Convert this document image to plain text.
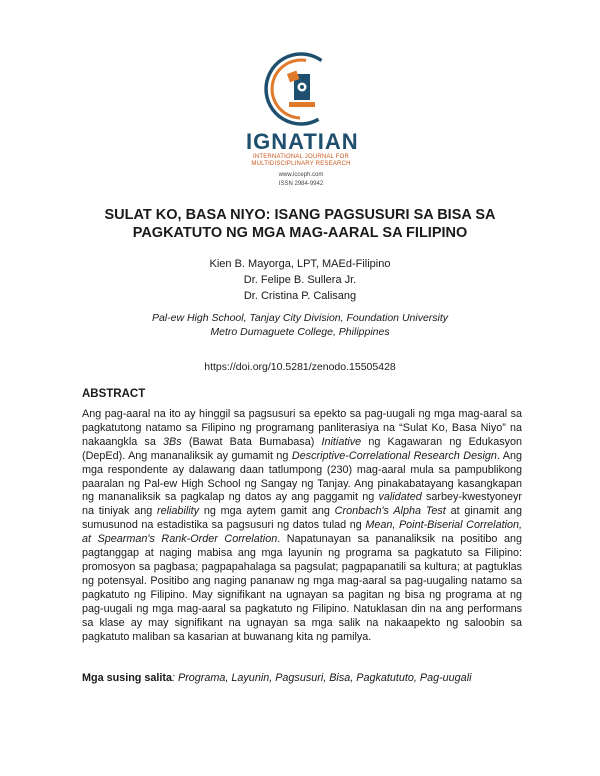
IGNATIAN
INTERNATIONAL JOURNAL FOR
MULTIDISCIPLINARY RESEARCH
www.icceph.com
ISSN 2984-9942
SULAT KO, BASA NIYO: ISANG PAGSUSURI SA BISA SA
PAGKATUTO NG MGA MAG-AARAL SA FILIPINO
Kien B. Mayorga, LPT, MAEd-Filipino
Dr. Felipe B. Sullera Jr.
Dr. Cristina P. Calisang
Pal-ew High School, Tanjay City Division, Foundation University
Metro Dumaguete College, Philippines
https://doi.org/10.5281/zenodo.15505428
ABSTRACT

Ang pag-aaral na ito ay hinggil sa pagsusuri sa epekto sa pag-uugali ng mga mag-aaral sa pagkatutong natamo sa Filipino ng programang panliterasiya na “Sulat Ko, Basa Niyo” na nakaangkla sa 3Bs (Bawat Bata Bumabasa) Initiative ng Kagawaran ng Edukasyon (DepEd). Ang mananaliksik ay gumamit ng Descriptive-Correlational Research Design. Ang mga respondente ay dalawang daan tatlumpong (230) mag-aaral mula sa pampublikong paaralan ng Pal-ew High School ng Sangay ng Tanjay. Ang pinakabatayang kasangkapan ng mananaliksik sa pagkalap ng datos ay ang paggamit ng validated sarbey-kwestyoneyr na tiniyak ang reliability ng mga aytem gamit ang Cronbach's Alpha Test at ginamit ang sumusunod na estadistika sa pagsusuri ng datos tulad ng Mean, Point-Biserial Correlation, at Spearman's Rank-Order Correlation. Napatunayan sa pananaliksik na positibo ang pagtanggap at naging mabisa ang mga layunin ng programa sa pagkatuto sa Filipino: promosyon sa pagbasa; pagpapahalaga sa pagsulat; pagpapanatili sa kultura; at pagtuklas ng potensyal. Positibo ang naging pananaw ng mga mag-aaral sa pag-uugaling natamo sa pagkatuto ng Filipino. May signifikant na ugnayan sa pagitan ng bisa ng programa at ng pag-uugali ng mga mag-aaral sa pagkatuto ng Filipino. Natuklasan din na ang performans sa klase ay may signifikant na ugnayan sa mga salik na nakaapekto ng saloobin sa pagkatuto maliban sa kasarian at buwanang kita ng pamilya.

Mga susing salita: Programa, Layunin, Pagsusuri, Bisa, Pagkatututo, Pag-uugali
